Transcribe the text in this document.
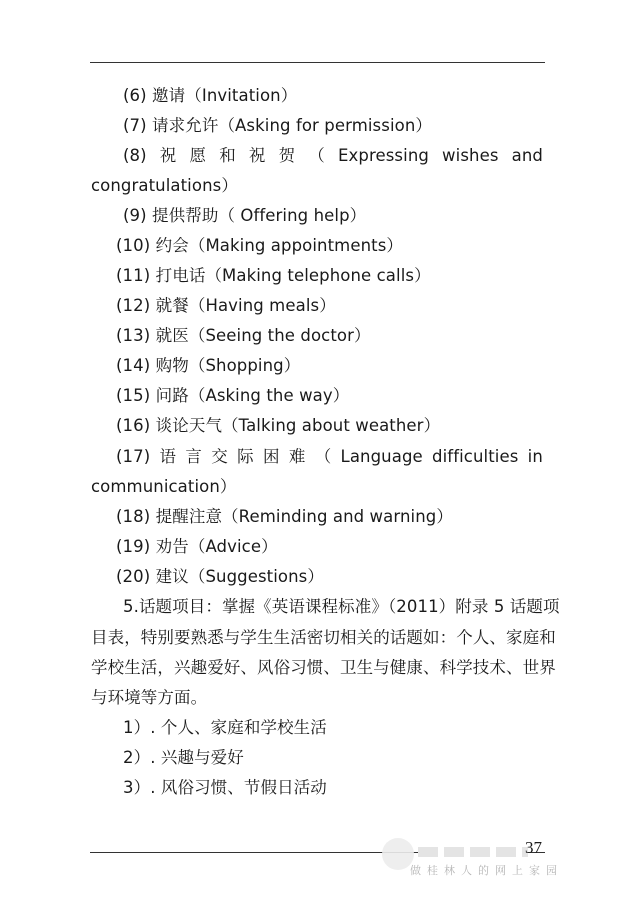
(6) 邀请（Invitation）
(7) 请求允许（Asking for permission）
(8) 祝 愿 和 祝 贺 （ Expressing wishes and
congratulations）
(9) 提供帮助（ Offering help）
(10) 约会（Making appointments）
(11) 打电话（Making telephone calls）
(12) 就餐（Having meals）
(13) 就医（Seeing the doctor）
(14) 购物（Shopping）
(15) 问路（Asking the way）
(16) 谈论天气（Talking about weather）
(17) 语 言 交 际 困 难 （ Language difficulties in
communication）
(18) 提醒注意（Reminding and warning）
(19) 劝告（Advice）
(20) 建议（Suggestions）
5.话题项目：掌握《英语课程标准》（2011）附录 5 话题项
目表，特别要熟悉与学生生活密切相关的话题如：个人、家庭和
学校生活，兴趣爱好、风俗习惯、卫生与健康、科学技术、世界
与环境等方面。
1）. 个人、家庭和学校生活
2）. 兴趣与爱好
3）. 风俗习惯、节假日活动
做桂林人的网上家园
37
